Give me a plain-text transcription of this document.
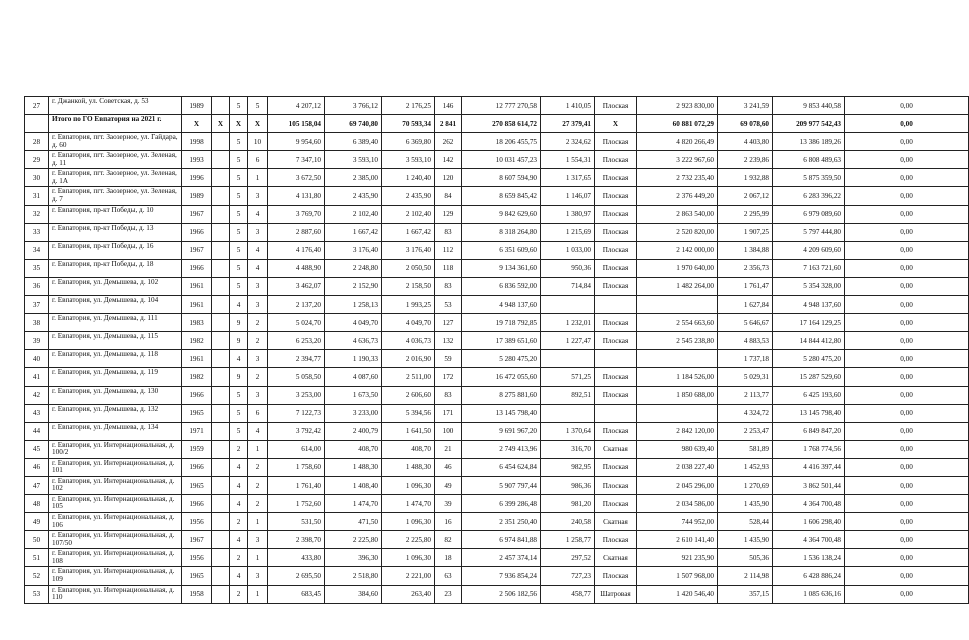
27	г. Джанкой, ул. Советская, д. 53	1989		5	5	4 207,12	3 766,12	2 176,25	146	12 777 270,58	1 410,05	Плоская	2 923 830,00	3 241,59	9 853 440,58	0,00
	Итого по ГО Евпатория на 2021 г.	X	X	X	X	105 158,04	69 740,80	70 593,34	2 841	270 858 614,72	27 379,41	X	60 881 072,29	69 078,60	209 977 542,43	0,00
28	г. Евпатория, пгт. Заозерное, ул. Гайдара, д. 60	1998		5	10	9 954,60	6 389,40	6 369,80	262	18 206 455,75	2 324,62	Плоская	4 820 266,49	4 403,80	13 386 189,26	0,00
29	г. Евпатория, пгт. Заозерное, ул. Зеленая, д. 11	1993		5	6	7 347,10	3 593,10	3 593,10	142	10 031 457,23	1 554,31	Плоская	3 222 967,60	2 239,86	6 808 489,63	0,00
30	г. Евпатория, пгт. Заозерное, ул. Зеленая, д. 1А	1996		5	1	3 672,50	2 385,00	1 240,40	120	8 607 594,90	1 317,65	Плоская	2 732 235,40	1 932,88	5 875 359,50	0,00
31	г. Евпатория, пгт. Заозерное, ул. Зеленая, д. 7	1989		5	3	4 131,80	2 435,90	2 435,90	84	8 659 845,42	1 146,07	Плоская	2 376 449,20	2 067,12	6 283 396,22	0,00
32	г. Евпатория, пр-кт Победы, д. 10	1967		5	4	3 769,70	2 102,40	2 102,40	129	9 842 629,60	1 380,97	Плоская	2 863 540,00	2 295,99	6 979 089,60	0,00
33	г. Евпатория, пр-кт Победы, д. 13	1966		5	3	2 887,60	1 667,42	1 667,42	83	8 318 264,80	1 215,69	Плоская	2 520 820,00	1 907,25	5 797 444,80	0,00
34	г. Евпатория, пр-кт Победы, д. 16	1967		5	4	4 176,40	3 176,40	3 176,40	112	6 351 609,60	1 033,00	Плоская	2 142 000,00	1 384,88	4 209 609,60	0,00
35	г. Евпатория, пр-кт Победы, д. 18	1966		5	4	4 488,90	2 248,80	2 050,50	118	9 134 361,60	950,36	Плоская	1 970 640,00	2 356,73	7 163 721,60	0,00
36	г. Евпатория, ул. Демышева, д. 102	1961		5	3	3 462,07	2 152,90	2 158,50	83	6 836 592,00	714,84	Плоская	1 482 264,00	1 761,47	5 354 328,00	0,00
37	г. Евпатория, ул. Демышева, д. 104	1961		4	3	2 137,20	1 258,13	1 993,25	53	4 948 137,60				1 627,84	4 948 137,60	0,00
38	г. Евпатория, ул. Демышева, д. 111	1983		9	2	5 024,70	4 049,70	4 049,70	127	19 718 792,85	1 232,01	Плоская	2 554 663,60	5 646,67	17 164 129,25	0,00
39	г. Евпатория, ул. Демышева, д. 115	1982		9	2	6 253,20	4 636,73	4 036,73	132	17 389 651,60	1 227,47	Плоская	2 545 238,80	4 883,53	14 844 412,80	0,00
40	г. Евпатория, ул. Демышева, д. 118	1961		4	3	2 394,77	1 190,33	2 016,90	59	5 280 475,20				1 737,18	5 280 475,20	0,00
41	г. Евпатория, ул. Демышева, д. 119	1982		9	2	5 058,50	4 087,60	2 511,00	172	16 472 055,60	571,25	Плоская	1 184 526,00	5 029,31	15 287 529,60	0,00
42	г. Евпатория, ул. Демышева, д. 130	1966		5	3	3 253,00	1 673,50	2 606,60	83	8 275 881,60	892,51	Плоская	1 850 688,00	2 113,77	6 425 193,60	0,00
43	г. Евпатория, ул. Демышева, д. 132	1965		5	6	7 122,73	3 233,00	5 394,56	171	13 145 798,40				4 324,72	13 145 798,40	0,00
44	г. Евпатория, ул. Демышева, д. 134	1971		5	4	3 792,42	2 400,79	1 641,50	100	9 691 967,20	1 370,64	Плоская	2 842 120,00	2 253,47	6 849 847,20	0,00
45	г. Евпатория, ул. Интернациональная, д. 100/2	1959		2	1	614,00	408,70	408,70	21	2 749 413,96	316,70	Скатная	980 639,40	581,89	1 768 774,56	0,00
46	г. Евпатория, ул. Интернациональная, д. 101	1966		4	2	1 758,60	1 488,30	1 488,30	46	6 454 624,84	982,95	Плоская	2 038 227,40	1 452,93	4 416 397,44	0,00
47	г. Евпатория, ул. Интернациональная, д. 102	1965		4	2	1 761,40	1 408,40	1 096,30	49	5 907 797,44	986,36	Плоская	2 045 296,00	1 270,69	3 862 501,44	0,00
48	г. Евпатория, ул. Интернациональная, д. 105	1966		4	2	1 752,60	1 474,70	1 474,70	39	6 399 286,48	981,20	Плоская	2 034 586,00	1 435,90	4 364 700,48	0,00
49	г. Евпатория, ул. Интернациональная, д. 106	1956		2	1	531,50	471,50	1 096,30	16	2 351 250,40	240,58	Скатная	744 952,00	528,44	1 606 298,40	0,00
50	г. Евпатория, ул. Интернациональная, д. 107/50	1967		4	3	2 398,70	2 225,80	2 225,80	82	6 974 841,88	1 258,77	Плоская	2 610 141,40	1 435,90	4 364 700,48	0,00
51	г. Евпатория, ул. Интернациональная, д. 108	1956		2	1	433,80	396,30	1 096,30	18	2 457 374,14	297,52	Скатная	921 235,90	505,36	1 536 138,24	0,00
52	г. Евпатория, ул. Интернациональная, д. 109	1965		4	3	2 695,50	2 518,80	2 221,00	63	7 936 854,24	727,23	Плоская	1 507 968,00	2 114,98	6 428 886,24	0,00
53	г. Евпатория, ул. Интернациональная, д. 110	1958		2	1	683,45	384,60	263,40	23	2 506 182,56	458,77	Шатровая	1 420 546,40	357,15	1 085 636,16	0,00
